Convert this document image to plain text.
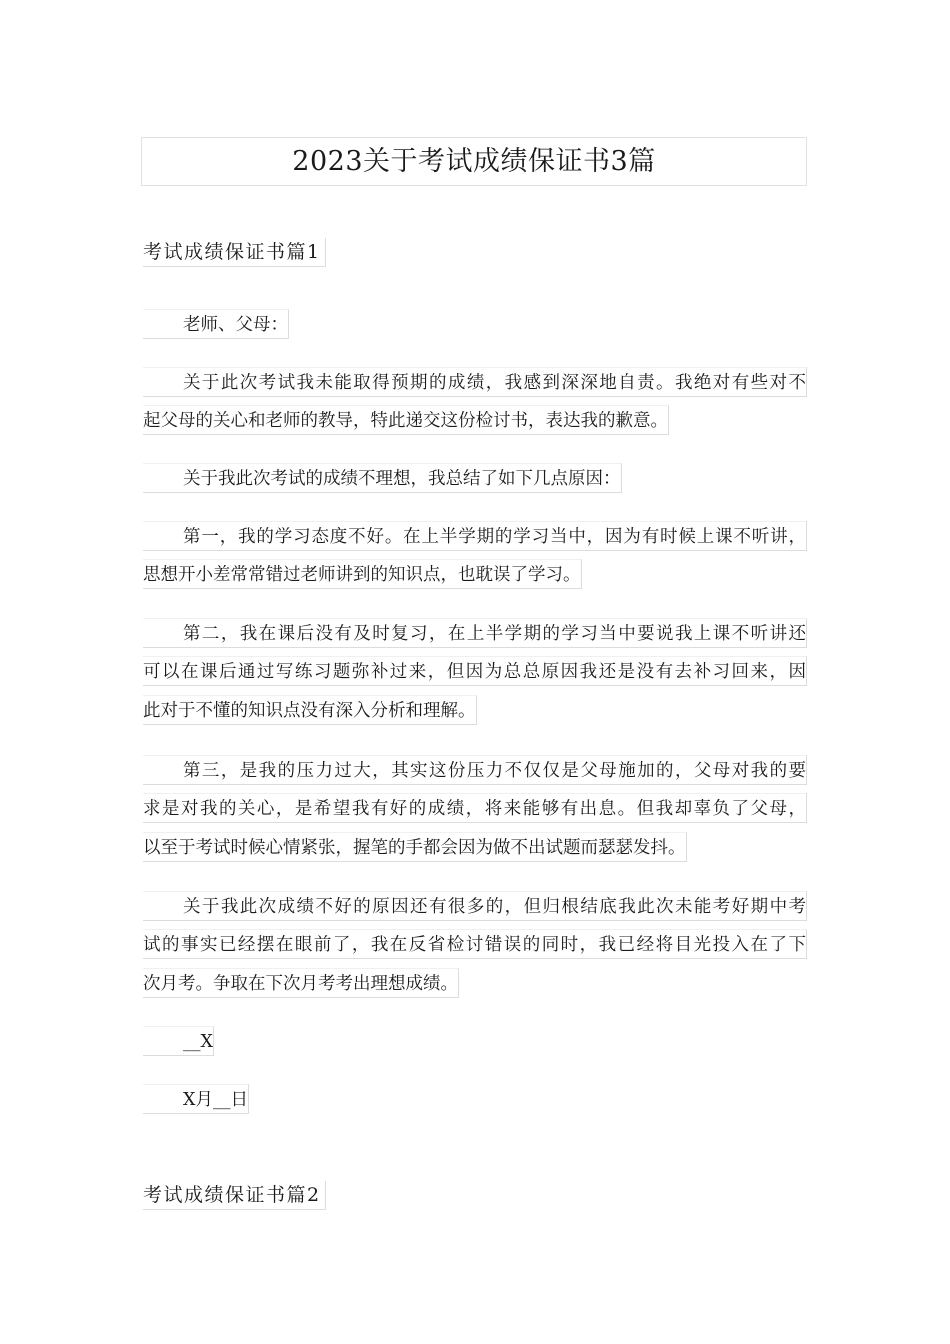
2023关于考试成绩保证书3篇
考试成绩保证书篇1
老师、父母：
关于此次考试我未能取得预期的成绩，我感到深深地自责。我绝对有些对不
起父母的关心和老师的教导，特此递交这份检讨书，表达我的歉意。
关于我此次考试的成绩不理想，我总结了如下几点原因：
第一，我的学习态度不好。在上半学期的学习当中，因为有时候上课不听讲，
思想开小差常常错过老师讲到的知识点，也耽误了学习。
第二，我在课后没有及时复习，在上半学期的学习当中要说我上课不听讲还
可以在课后通过写练习题弥补过来，但因为总总原因我还是没有去补习回来，因
此对于不懂的知识点没有深入分析和理解。
第三，是我的压力过大，其实这份压力不仅仅是父母施加的，父母对我的要
求是对我的关心，是希望我有好的成绩，将来能够有出息。但我却辜负了父母，
以至于考试时候心情紧张，握笔的手都会因为做不出试题而瑟瑟发抖。
关于我此次成绩不好的原因还有很多的，但归根结底我此次未能考好期中考
试的事实已经摆在眼前了，我在反省检讨错误的同时，我已经将目光投入在了下
次月考。争取在下次月考考出理想成绩。
__X
X月__日
考试成绩保证书篇2
